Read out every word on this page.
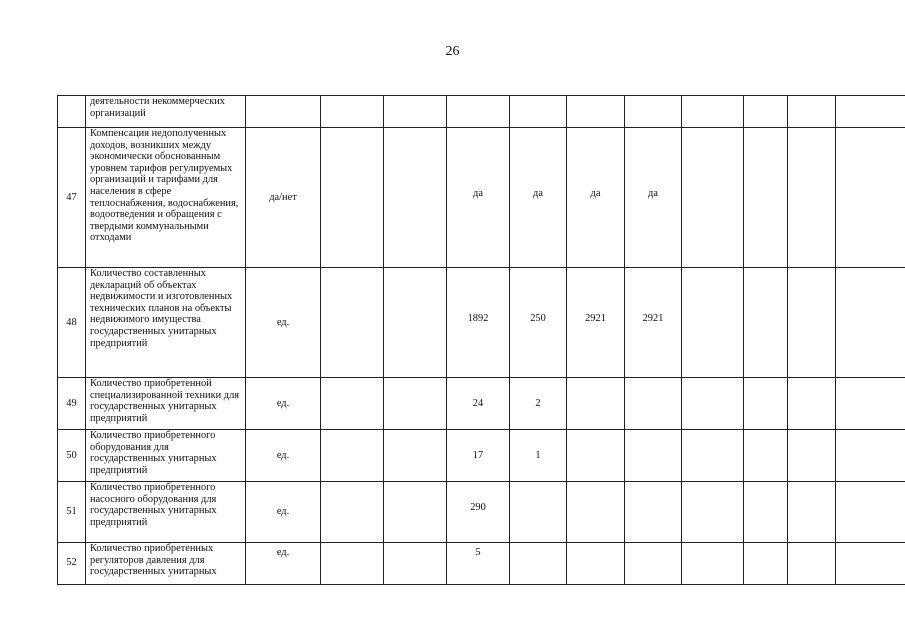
26
	деятельности некоммерческих организаций											
47	Компенсация недополученных доходов, возникших между экономически обоснованным уровнем тарифов регулируемых организаций и тарифами для населения в сфере теплоснабжения, водоснабжения, водоотведения и обращения с твердыми коммунальными отходами	да/нет			да	да	да	да				
48	Количество составленных деклараций об объектах недвижимости и изготовленных технических планов на объекты недвижимого имущества государственных унитарных предприятий	ед.			1892	250	2921	2921				
49	Количество приобретенной специализированной техники для государственных унитарных предприятий	ед.			24	2						
50	Количество приобретенного оборудования для государственных унитарных предприятий	ед.			17	1						
51	Количество приобретенного насосного оборудования для государственных унитарных предприятий	ед.			290							
52	Количество приобретенных регуляторов давления для государственных унитарных	ед.			5							
